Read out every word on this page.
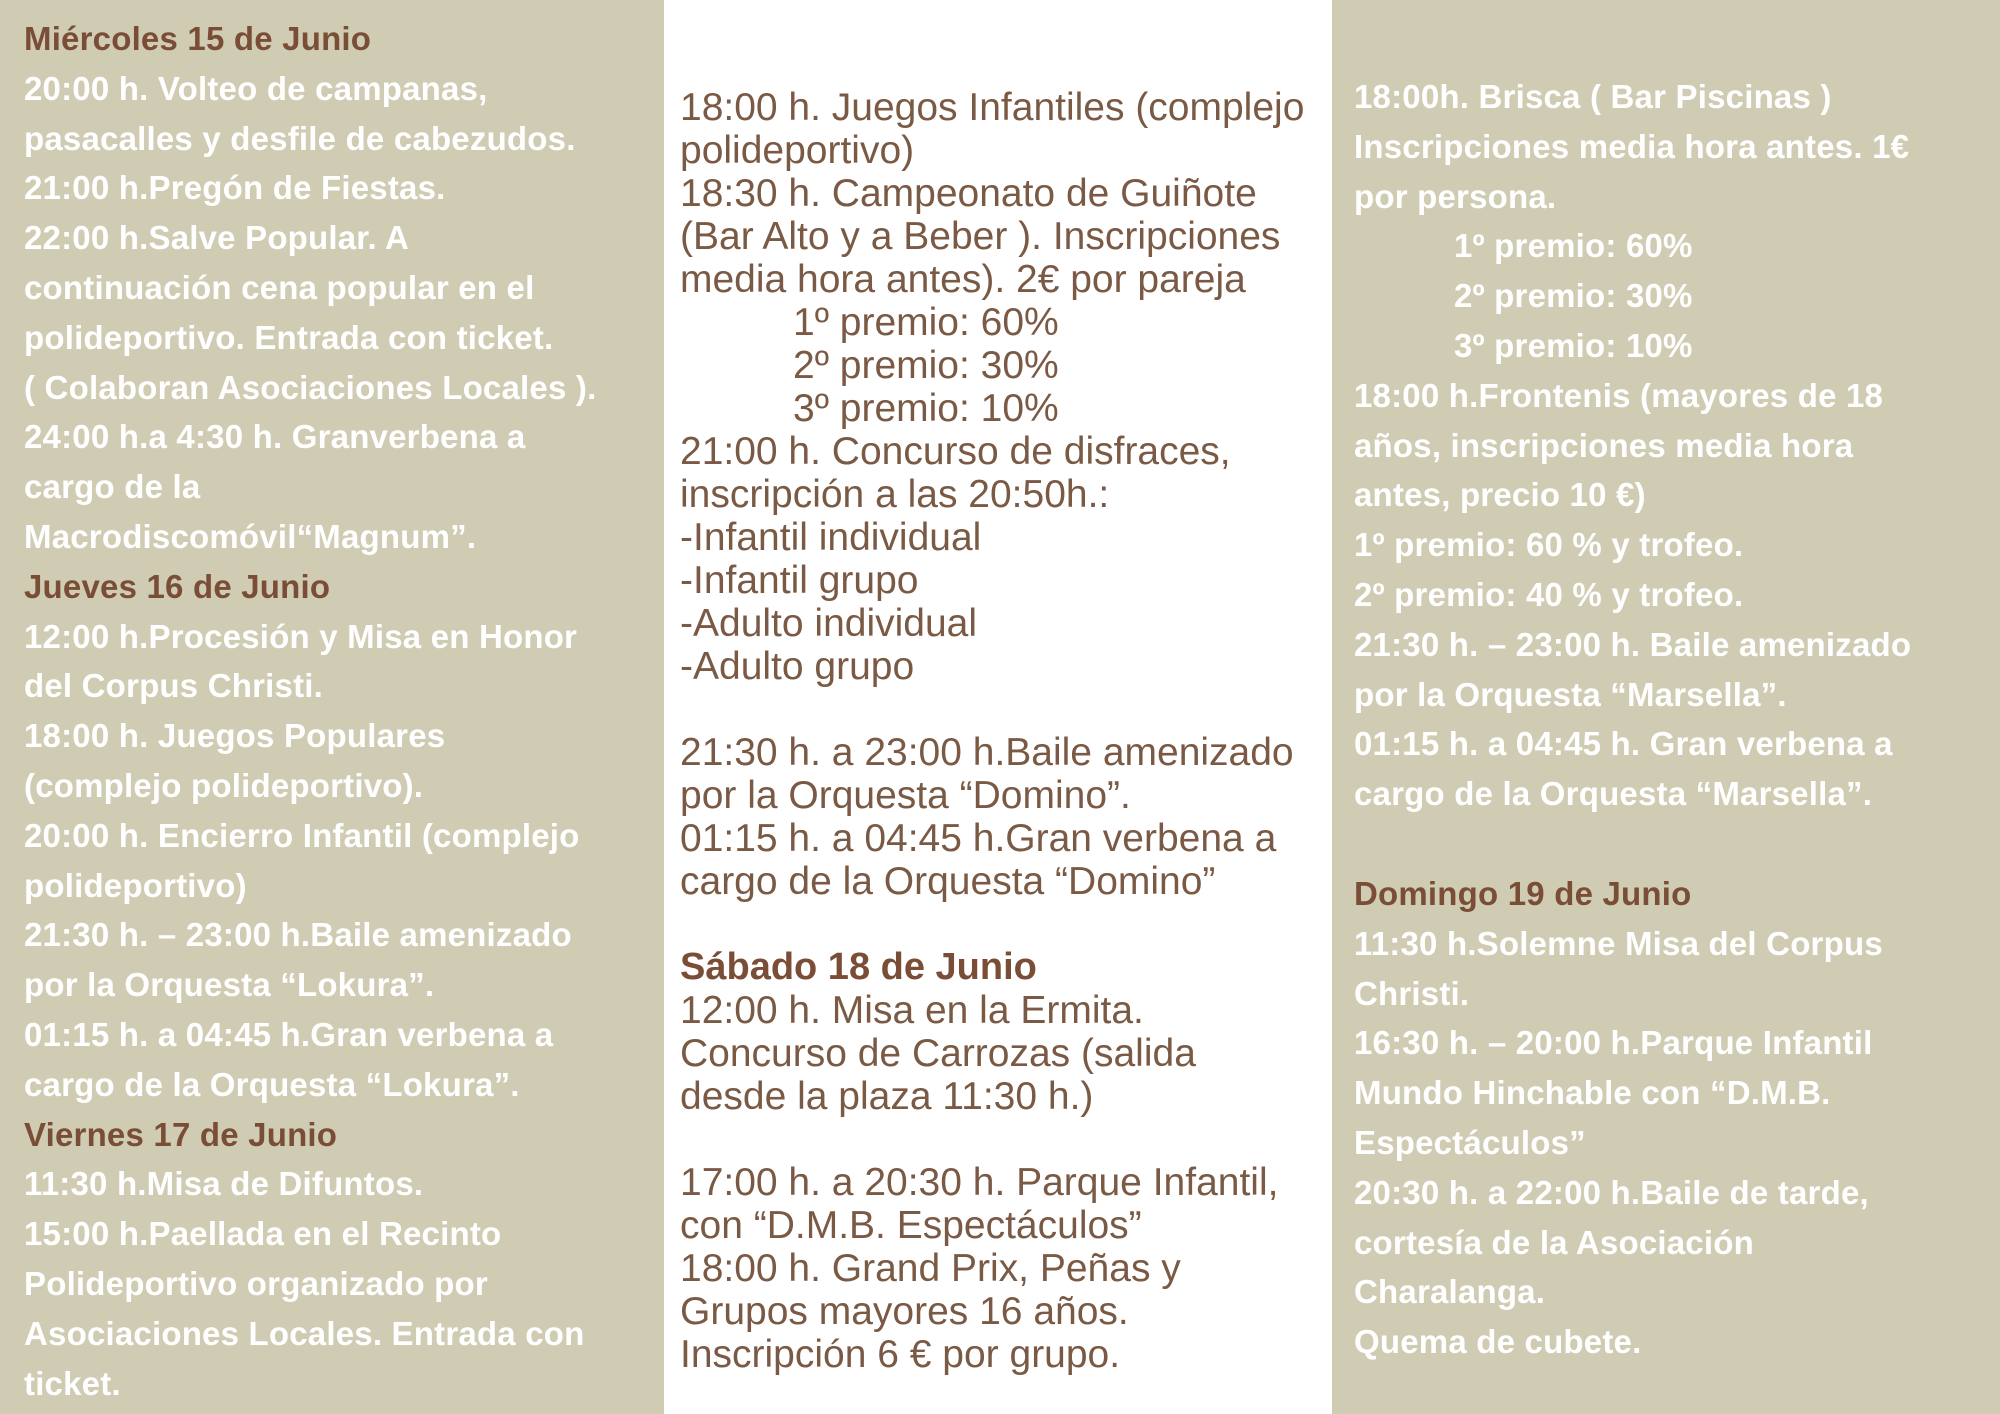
Miércoles 15 de Junio
20:00 h. Volteo de campanas,
pasacalles y desfile de cabezudos.
21:00 h.Pregón de Fiestas.
22:00 h.Salve Popular. A
continuación cena popular en el
polideportivo. Entrada con ticket.
( Colaboran Asociaciones Locales ).
24:00 h.a 4:30 h. Granverbena a
cargo de la
Macrodiscomóvil“Magnum”.
Jueves 16 de Junio
12:00 h.Procesión y Misa en Honor
del Corpus Christi.
18:00 h. Juegos Populares
(complejo polideportivo).
20:00 h. Encierro Infantil (complejo
polideportivo)
21:30 h. – 23:00 h.Baile amenizado
por la Orquesta “Lokura”.
01:15 h. a 04:45 h.Gran verbena a
cargo de la Orquesta “Lokura”.
Viernes 17 de Junio
11:30 h.Misa de Difuntos.
15:00 h.Paellada en el Recinto
Polideportivo organizado por
Asociaciones Locales. Entrada con
ticket.
18:00 h. Juegos Infantiles (complejo
polideportivo)
18:30 h. Campeonato de Guiñote
(Bar Alto y a Beber ). Inscripciones
media hora antes). 2€ por pareja
1º premio: 60%
2º premio: 30%
3º premio: 10%
21:00 h. Concurso de disfraces,
inscripción a las 20:50h.:
-Infantil individual
-Infantil grupo
-Adulto individual
-Adulto grupo
21:30 h. a 23:00 h.Baile amenizado
por la Orquesta “Domino”.
01:15 h. a 04:45 h.Gran verbena a
cargo de la Orquesta “Domino”
Sábado 18 de Junio
12:00 h. Misa en la Ermita.
Concurso de Carrozas (salida
desde la plaza 11:30 h.)
17:00 h. a 20:30 h. Parque Infantil,
con “D.M.B. Espectáculos”
18:00 h. Grand Prix, Peñas y
Grupos mayores 16 años.
Inscripción 6 € por grupo.
18:00h. Brisca ( Bar Piscinas )
Inscripciones media hora antes. 1€
por persona.
1º premio: 60%
2º premio: 30%
3º premio: 10%
18:00 h.Frontenis (mayores de 18
años, inscripciones media hora
antes, precio 10 €)
1º premio: 60 % y trofeo.
2º premio: 40 % y trofeo.
21:30 h. – 23:00 h. Baile amenizado
por la Orquesta “Marsella”.
01:15 h. a 04:45 h. Gran verbena a
cargo de la Orquesta “Marsella”.
Domingo 19 de Junio
11:30 h.Solemne Misa del Corpus
Christi.
16:30 h. – 20:00 h.Parque Infantil
Mundo Hinchable con “D.M.B.
Espectáculos”
20:30 h. a 22:00 h.Baile de tarde,
cortesía de la Asociación
Charalanga.
Quema de cubete.
